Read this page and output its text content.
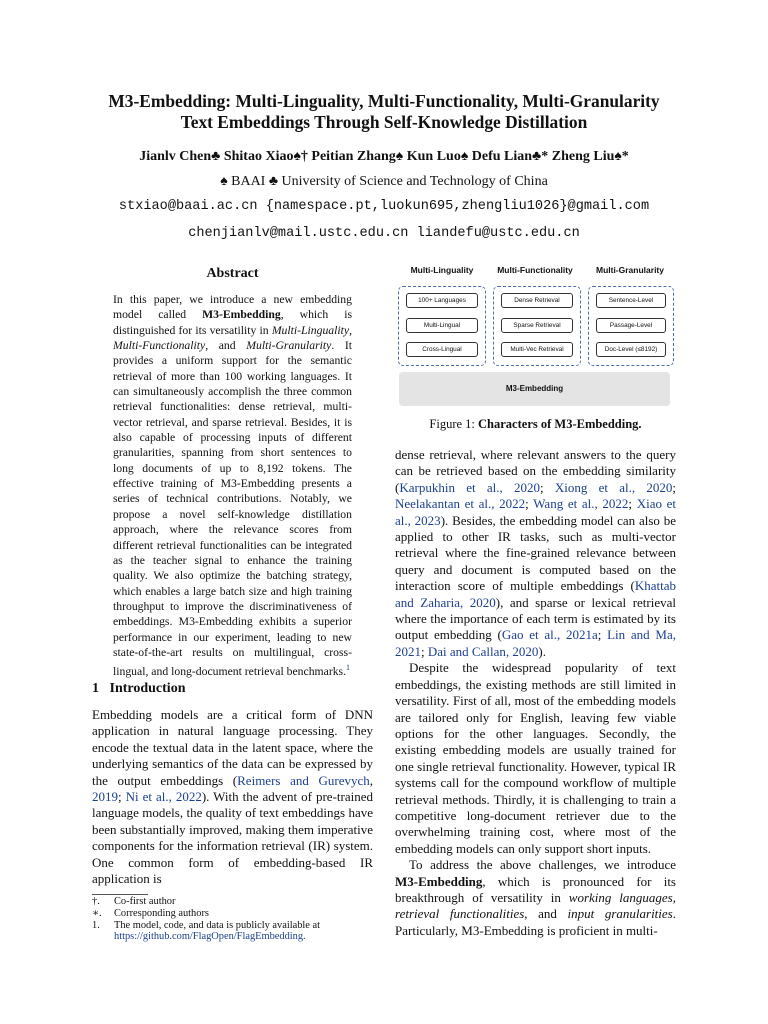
M3-Embedding: Multi-Linguality, Multi-Functionality, Multi-Granularity
Text Embeddings Through Self-Knowledge Distillation
Jianlv Chen♣ Shitao Xiao♠† Peitian Zhang♠ Kun Luo♠ Defu Lian♣* Zheng Liu♠*
♠ BAAI ♣ University of Science and Technology of China
stxiao@baai.ac.cn {namespace.pt,luokun695,zhengliu1026}@gmail.com
chenjianlv@mail.ustc.edu.cn liandefu@ustc.edu.cn
Abstract
In this paper, we introduce a new embedding model called M3-Embedding, which is distinguished for its versatility in Multi-Linguality, Multi-Functionality, and Multi-Granularity. It provides a uniform support for the semantic retrieval of more than 100 working languages. It can simultaneously accomplish the three common retrieval functionalities: dense retrieval, multi-vector retrieval, and sparse retrieval. Besides, it is also capable of processing inputs of different granularities, spanning from short sentences to long documents of up to 8,192 tokens. The effective training of M3-Embedding presents a series of technical contributions. Notably, we propose a novel self-knowledge distillation approach, where the relevance scores from different retrieval functionalities can be integrated as the teacher signal to enhance the training quality. We also optimize the batching strategy, which enables a large batch size and high training throughput to improve the discriminativeness of embeddings. M3-Embedding exhibits a superior performance in our experiment, leading to new state-of-the-art results on multilingual, cross-lingual, and long-document retrieval benchmarks.$^1$
1 Introduction
Embedding models are a critical form of DNN application in natural language processing. They encode the textual data in the latent space, where the underlying semantics of the data can be expressed by the output embeddings (Reimers and Gurevych, 2019; Ni et al., 2022). With the advent of pre-trained language models, the quality of text embeddings have been substantially improved, making them imperative components for the information retrieval (IR) system. One common form of embedding-based IR application is
†.	Co-first author
∗.	Corresponding authors
1.	The model, code, and data is publicly available at
https://github.com/FlagOpen/FlagEmbedding.
Multi-Linguality	Multi-Functionality	Multi-Granularity
100+ Languages
Multi-Lingual
Cross-Lingual
Dense Retrieval
Sparse Retrieval
Multi-Vec Retrieval
Sentence-Level
Passage-Level
Doc-Level (≤8192)
M3-Embedding
Figure 1: Characters of M3-Embedding.

dense retrieval, where relevant answers to the query can be retrieved based on the embedding similarity (Karpukhin et al., 2020; Xiong et al., 2020; Neelakantan et al., 2022; Wang et al., 2022; Xiao et al., 2023). Besides, the embedding model can also be applied to other IR tasks, such as multi-vector retrieval where the fine-grained relevance between query and document is computed based on the interaction score of multiple embeddings (Khattab and Zaharia, 2020), and sparse or lexical retrieval where the importance of each term is estimated by its output embedding (Gao et al., 2021a; Lin and Ma, 2021; Dai and Callan, 2020).

Despite the widespread popularity of text embeddings, the existing methods are still limited in versatility. First of all, most of the embedding models are tailored only for English, leaving few viable options for the other languages. Secondly, the existing embedding models are usually trained for one single retrieval functionality. However, typical IR systems call for the compound workflow of multiple retrieval methods. Thirdly, it is challenging to train a competitive long-document retriever due to the overwhelming training cost, where most of the embedding models can only support short inputs.

To address the above challenges, we introduce M3-Embedding, which is pronounced for its breakthrough of versatility in working languages, retrieval functionalities, and input granularities. Particularly, M3-Embedding is proficient in multi-
